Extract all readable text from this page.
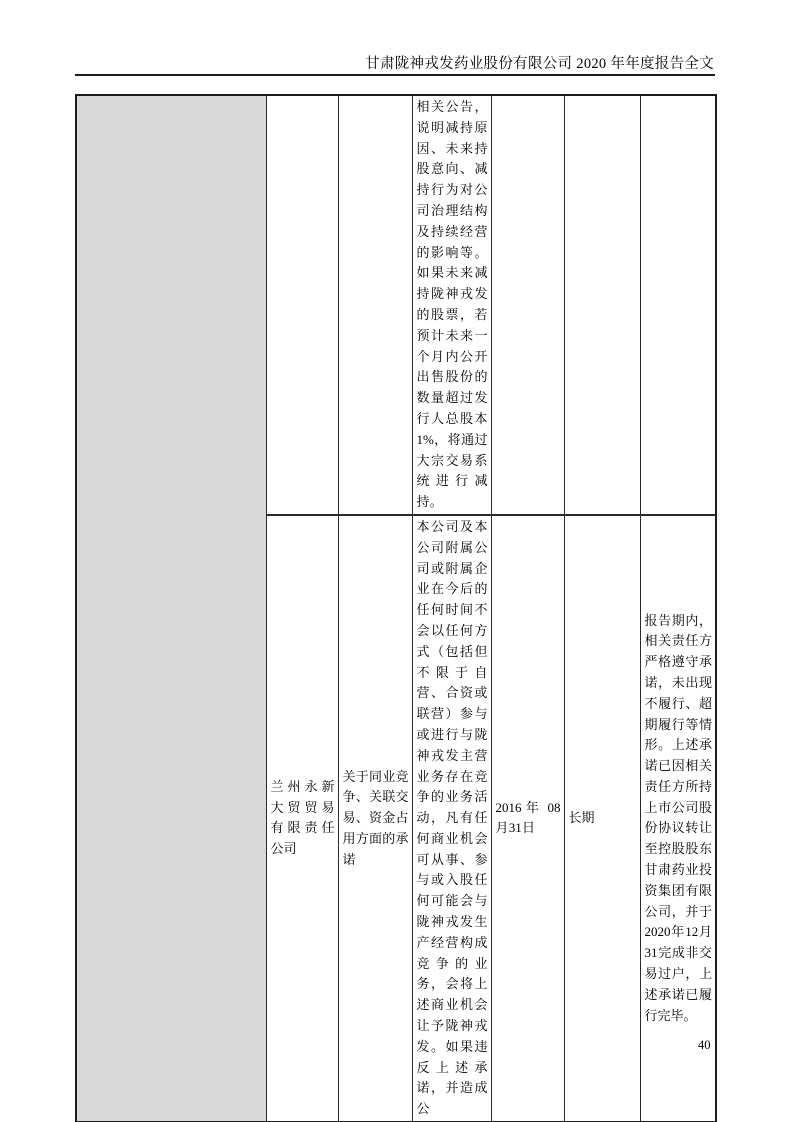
甘肃陇神戎发药业股份有限公司 2020 年年度报告全文
			相关公告，说明减持原因、未来持股意向、减持行为对公司治理结构及持续经营的影响等。如果未来减持陇神戎发的股票，若预计未来一个月内公开出售股份的数量超过发行人总股本1%，将通过大宗交易系统进行减持。			
	兰州永新大贸贸易有限责任公司	关于同业竞争、关联交易、资金占用方面的承诺	本公司及本公司附属公司或附属企业在今后的任何时间不会以任何方式（包括但不限于自营、合资或联营）参与或进行与陇神戎发主营业务存在竞争的业务活动，凡有任何商业机会可从事、参与或入股任何可能会与陇神戎发生产经营构成竞争的业务，会将上述商业机会让予陇神戎发。如果违反上述承诺，并造成公	2016 年 08 月 31 日	长期	报告期内，相关责任方严格遵守承诺，未出现不履行、超期履行等情形。上述承诺已因相关责任方所持上市公司股份协议转让至控股股东甘肃药业投资集团有限公司，并于 2020 年 12 月 31 完成非交易过户，上述承诺已履行完毕。
40
